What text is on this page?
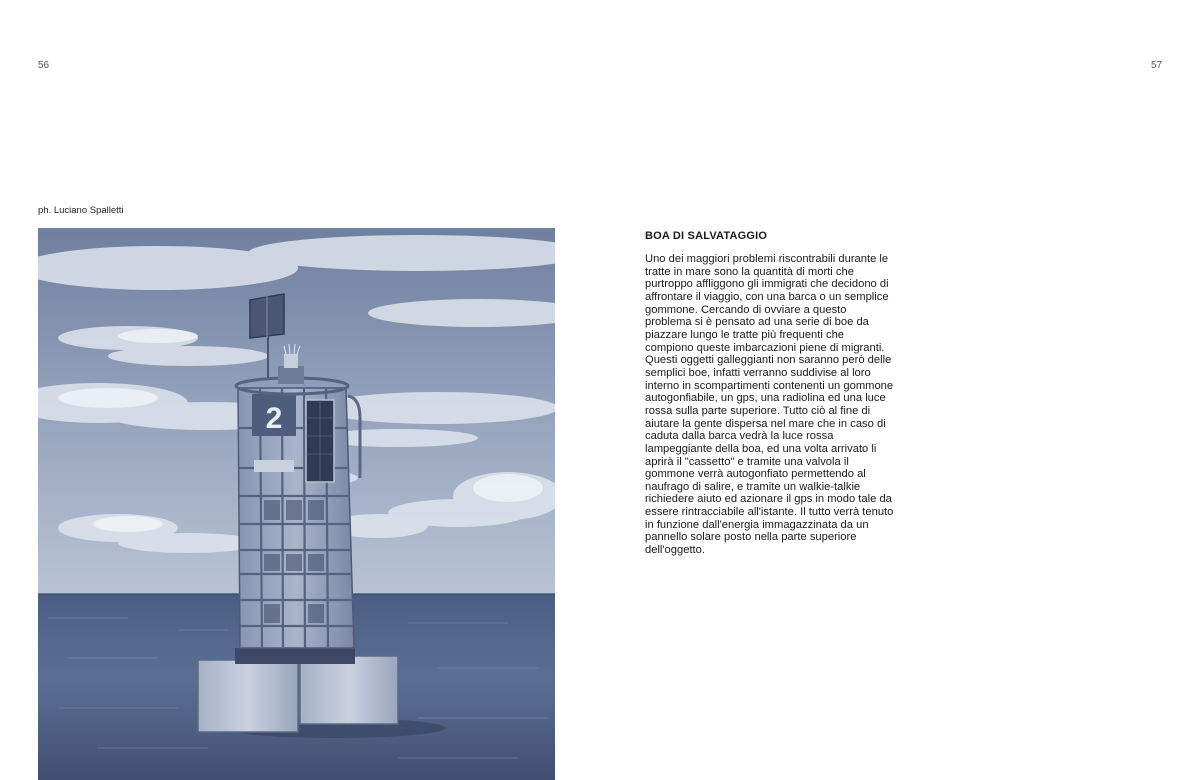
56	57
ph. Luciano Spalletti
2
BOA DI SALVATAGGIO

Uno dei maggiori problemi riscontrabili durante le tratte in mare sono la quantità di morti che purtroppo affliggono gli immigrati che decidono di affrontare il viaggio, con una barca o un semplice gommone. Cercando di ovviare a questo problema si è pensato ad una serie di boe da piazzare lungo le tratte più frequenti che compiono queste imbarcazioni piene di migranti. Questi oggetti galleggianti non saranno però delle semplici boe, infatti verranno suddivise al loro interno in scompartimenti contenenti un gommone autogonfiabile, un gps, una radiolina ed una luce rossa sulla parte superiore. Tutto ciò al fine di aiutare la gente dispersa nel mare che in caso di caduta dalla barca vedrà la luce rossa lampeggiante della boa, ed una volta arrivato li aprirà il "cassetto" e tramite una valvola il gommone verrà autogonfiato permettendo al naufrago di salire, e tramite un walkie-talkie richiedere aiuto ed azionare il gps in modo tale da essere rintracciabile all'istante. Il tutto verrà tenuto in funzione dall'energia immagazzinata da un pannello solare posto nella parte superiore dell'oggetto.
